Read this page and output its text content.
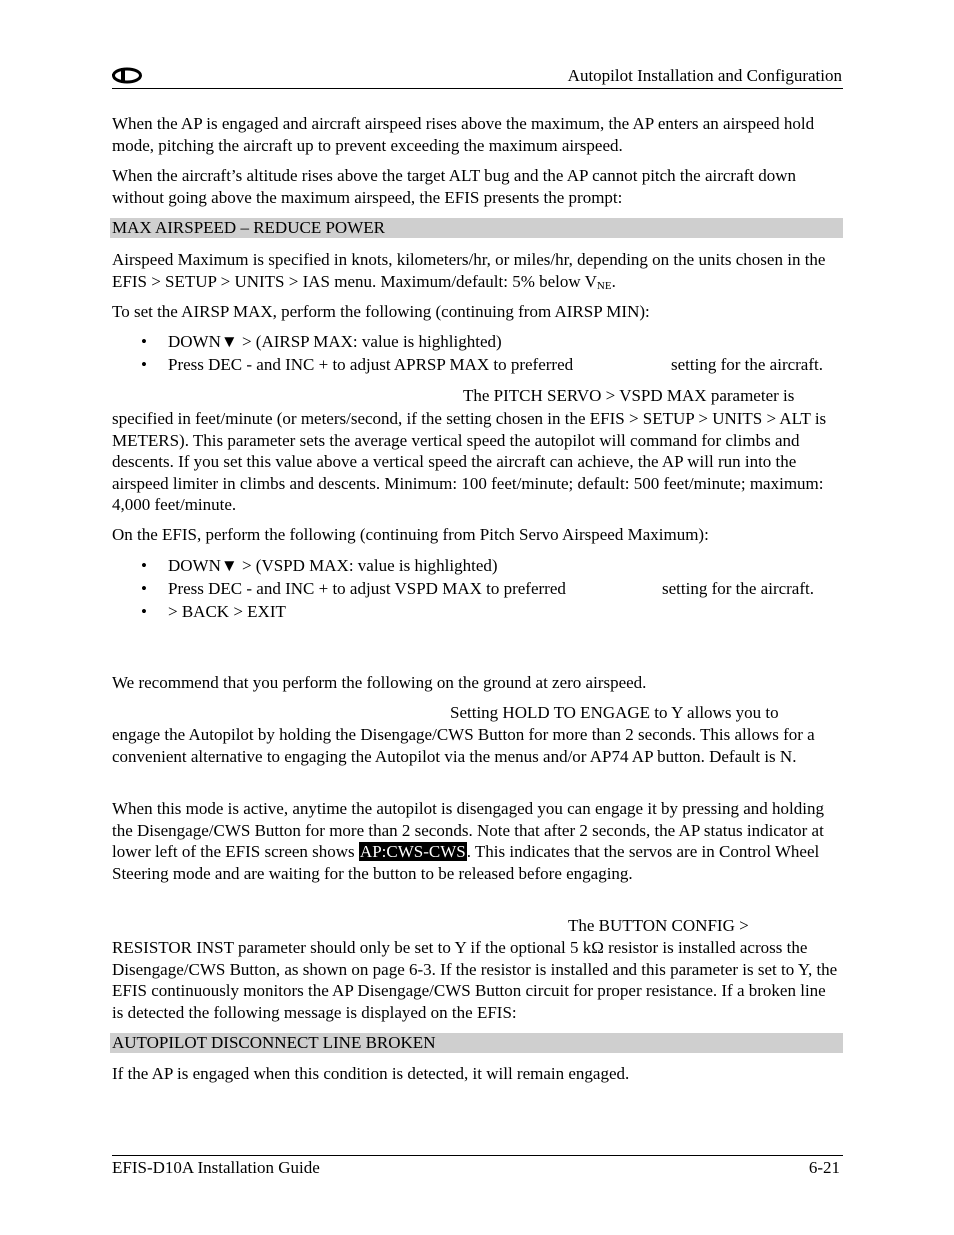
Autopilot Installation and Configuration

When the AP is engaged and aircraft airspeed rises above the maximum, the AP enters an airspeed hold mode, pitching the aircraft up to prevent exceeding the maximum airspeed.

When the aircraft’s altitude rises above the target ALT bug and the AP cannot pitch the aircraft down without going above the maximum airspeed, the EFIS presents the prompt:

MAX AIRSPEED – REDUCE POWER

Airspeed Maximum is specified in knots, kilometers/hr, or miles/hr, depending on the units chosen in the EFIS > SETUP > UNITS > IAS menu. Maximum/default: 5% below VNE.

To set the AIRSP MAX, perform the following (continuing from AIRSP MIN):

• DOWN▼ > (AIRSP MAX: value is highlighted)
• Press DEC - and INC + to adjust APRSP MAX to preferred	setting for the aircraft.
The PITCH SERVO > VSPD MAX parameter is

specified in feet/minute (or meters/second, if the setting chosen in the EFIS > SETUP > UNITS > ALT is METERS). This parameter sets the average vertical speed the autopilot will command for climbs and descents. If you set this value above a vertical speed the aircraft can achieve, the AP will run into the airspeed limiter in climbs and descents. Minimum: 100 feet/minute; default: 500 feet/minute; maximum: 4,000 feet/minute.

On the EFIS, perform the following (continuing from Pitch Servo Airspeed Maximum):

• DOWN▼ > (VSPD MAX: value is highlighted)
• Press DEC - and INC + to adjust VSPD MAX to preferred	setting for the aircraft.
• > BACK > EXIT

We recommend that you perform the following on the ground at zero airspeed.

Setting HOLD TO ENGAGE to Y allows you to

engage the Autopilot by holding the Disengage/CWS Button for more than 2 seconds. This allows for a convenient alternative to engaging the Autopilot via the menus and/or AP74 AP button. Default is N.

When this mode is active, anytime the autopilot is disengaged you can engage it by pressing and holding the Disengage/CWS Button for more than 2 seconds. Note that after 2 seconds, the AP status indicator at lower left of the EFIS screen shows AP:CWS-CWS. This indicates that the servos are in Control Wheel Steering mode and are waiting for the button to be released before engaging.

The BUTTON CONFIG >

RESISTOR INST parameter should only be set to Y if the optional 5 kΩ resistor is installed across the Disengage/CWS Button, as shown on page 6-3. If the resistor is installed and this parameter is set to Y, the EFIS continuously monitors the AP Disengage/CWS Button circuit for proper resistance. If a broken line is detected the following message is displayed on the EFIS:

AUTOPILOT DISCONNECT LINE BROKEN

If the AP is engaged when this condition is detected, it will remain engaged.

EFIS-D10A Installation Guide	6-21
